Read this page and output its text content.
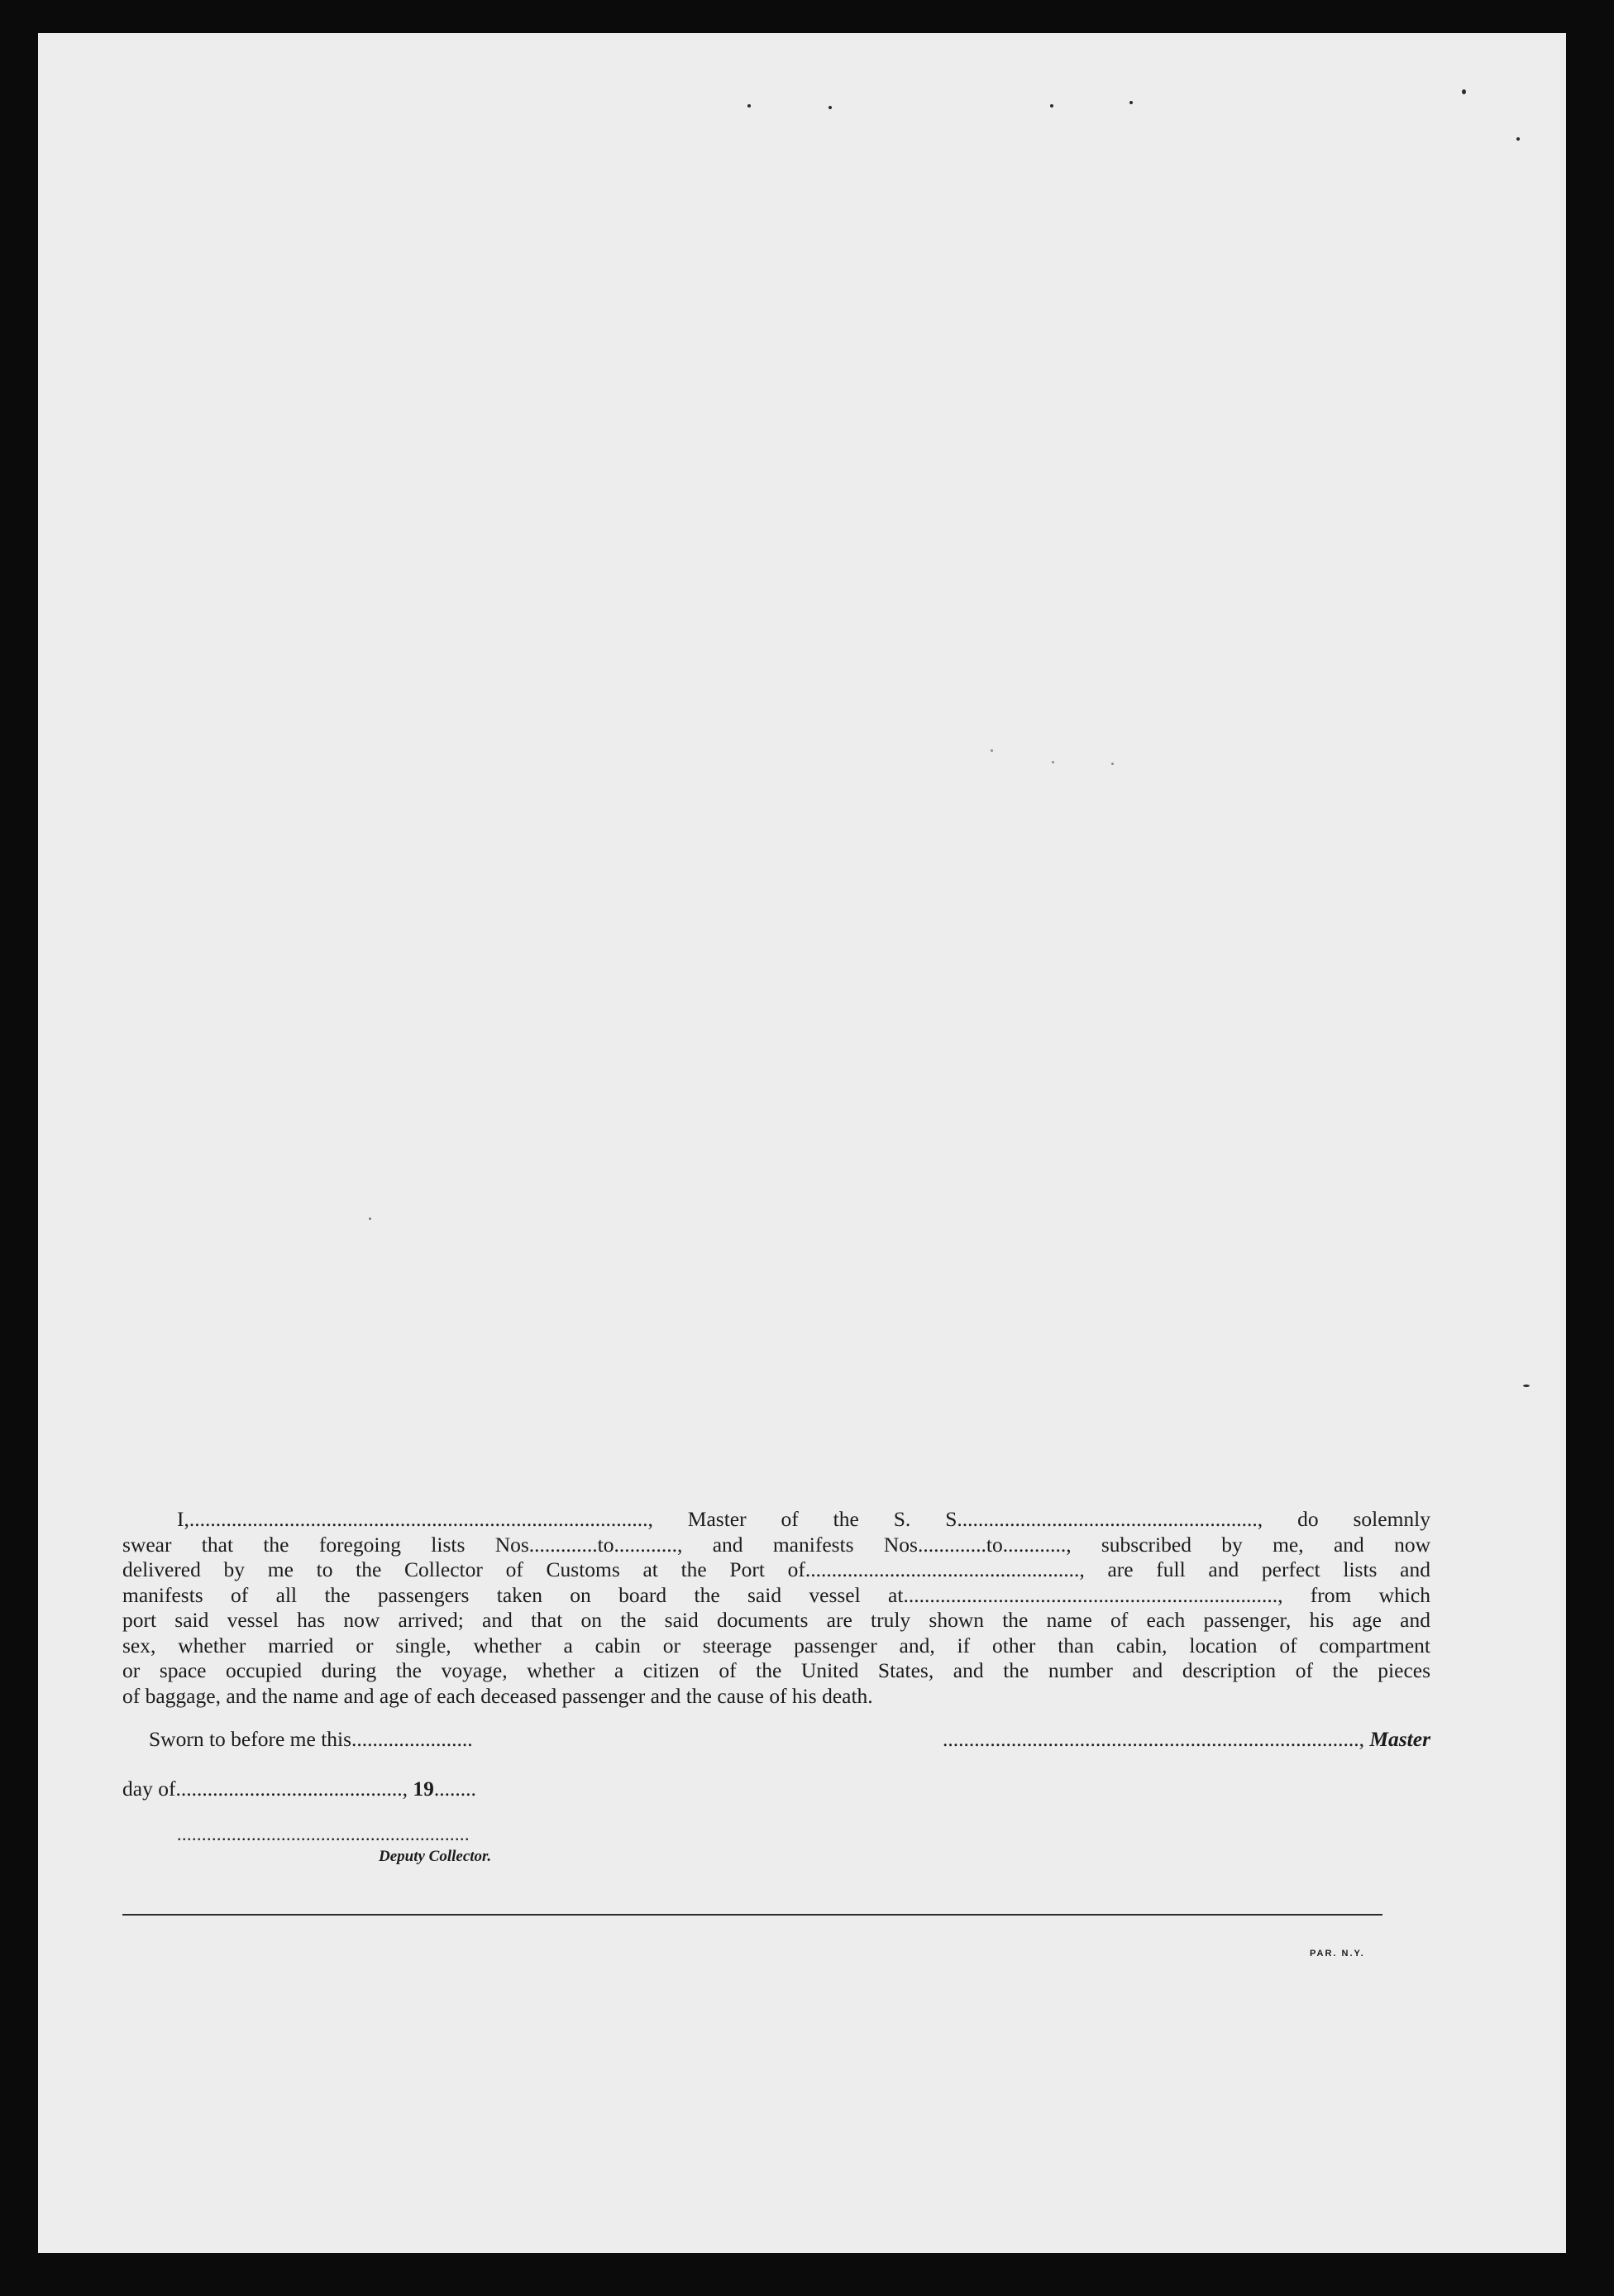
I,......................................................................................., Master of the S. S........................................................., do solemnly
swear that the foregoing lists Nos.............to............, and manifests Nos.............to............, subscribed by me, and now
delivered by me to the Collector of Customs at the Port of...................................................., are full and perfect lists and
manifests of all the passengers taken on board the said vessel at......................................................................., from which
port said vessel has now arrived; and that on the said documents are truly shown the name of each passenger, his age and
sex, whether married or single, whether a cabin or steerage passenger and, if other than cabin, location of compartment
or space occupied during the voyage, whether a citizen of the United States, and the number and description of the pieces
of baggage, and the name and age of each deceased passenger and the cause of his death.
Sworn to before me this.......................	..............................................................................., Master
day of..........................................., 19........
...........................................................
Deputy Collector.
PAR. N.Y.
